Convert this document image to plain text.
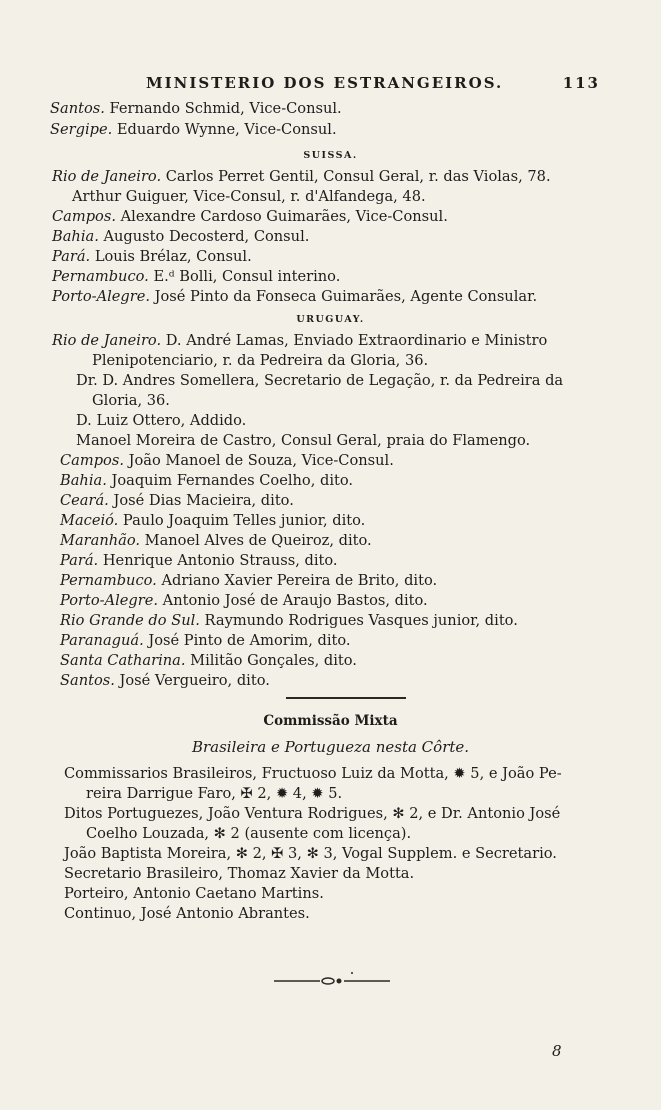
MINISTERIO DOS ESTRANGEIROS.	113
Santos. Fernando Schmid, Vice-Consul.
Sergipe. Eduardo Wynne, Vice-Consul.
SUISSA.
Rio de Janeiro. Carlos Perret Gentil, Consul Geral, r. das Violas, 78.
Arthur Guiguer, Vice-Consul, r. d'Alfandega, 48.
Campos. Alexandre Cardoso Guimarães, Vice-Consul.
Bahia. Augusto Decosterd, Consul.
Pará. Louis Brélaz, Consul.
Pernambuco. E.ᵈ Bolli, Consul interino.
Porto-Alegre. José Pinto da Fonseca Guimarães, Agente Consular.
URUGUAY.
Rio de Janeiro. D. André Lamas, Enviado Extraordinario e Ministro
Plenipotenciario, r. da Pedreira da Gloria, 36.
Dr. D. Andres Somellera, Secretario de Legação, r. da Pedreira da
Gloria, 36.
D. Luiz Ottero, Addido.
Manoel Moreira de Castro, Consul Geral, praia do Flamengo.
Campos. João Manoel de Souza, Vice-Consul.
Bahia. Joaquim Fernandes Coelho, dito.
Ceará. José Dias Macieira, dito.
Maceió. Paulo Joaquim Telles junior, dito.
Maranhão. Manoel Alves de Queiroz, dito.
Pará. Henrique Antonio Strauss, dito.
Pernambuco. Adriano Xavier Pereira de Brito, dito.
Porto-Alegre. Antonio José de Araujo Bastos, dito.
Rio Grande do Sul. Raymundo Rodrigues Vasques junior, dito.
Paranaguá. José Pinto de Amorim, dito.
Santa Catharina. Militão Gonçales, dito.
Santos. José Vergueiro, dito.
Commissão Mixta
Brasileira e Portugueza nesta Côrte.
Commissarios Brasileiros, Fructuoso Luiz da Motta, ✹ 5, e João Pe-
reira Darrigue Faro, ✠ 2, ✹ 4, ✹ 5.
Ditos Portuguezes, João Ventura Rodrigues, ✻ 2, e Dr. Antonio José
Coelho Louzada, ✻ 2 (ausente com licença).
João Baptista Moreira, ✻ 2, ✠ 3, ✻ 3, Vogal Supplem. e Secretario.
Secretario Brasileiro, Thomaz Xavier da Motta.
Porteiro, Antonio Caetano Martins.
Continuo, José Antonio Abrantes.
8
